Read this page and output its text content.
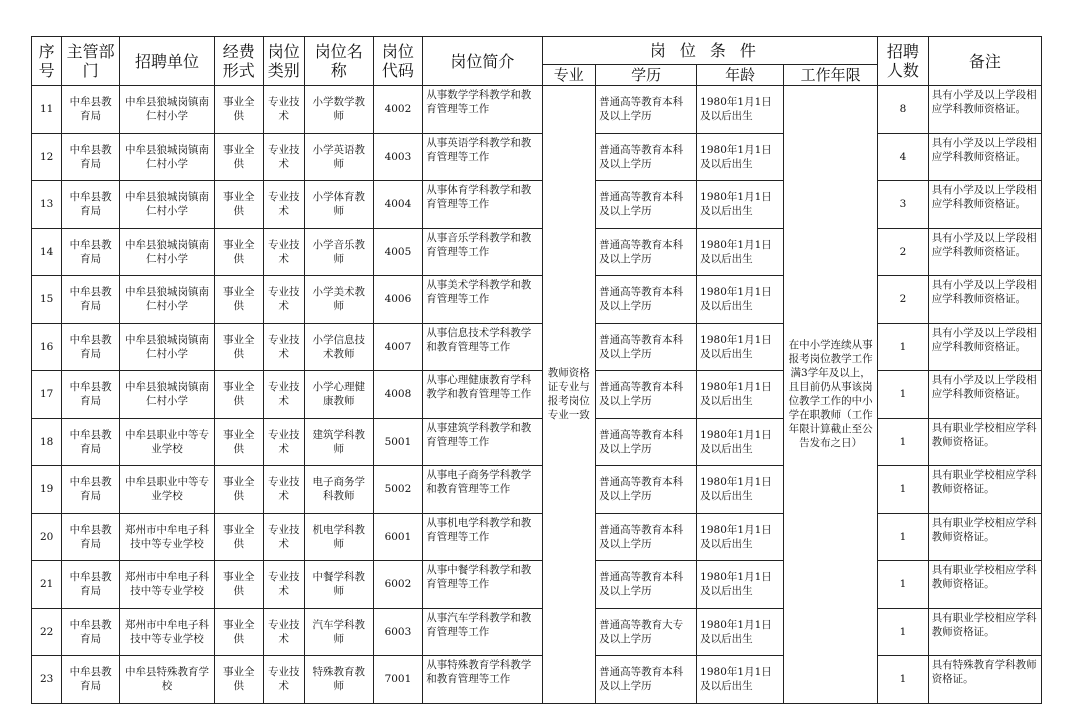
序号	主管部门	招聘单位	经费形式	岗位类别	岗位名称	岗位代码	岗位简介	岗位条件				招聘人数	备注
								专业	学历	年龄	工作年限		
11	中牟县教育局	中牟县狼城岗镇南仁村小学	事业全供	专业技术	小学数学教师	4002	从事数学学科教学和教育管理等工作	教师资格证专业与报考岗位专业一致	普通高等教育本科及以上学历	1980年1月1日及以后出生	在中小学连续从事报考岗位教学工作满3学年及以上，且目前仍从事该岗位教学工作的中小学在职教师（工作年限计算截止至公告发布之日）	8	具有小学及以上学段相应学科教师资格证。
12	中牟县教育局	中牟县狼城岗镇南仁村小学	事业全供	专业技术	小学英语教师	4003	从事英语学科教学和教育管理等工作		普通高等教育本科及以上学历	1980年1月1日及以后出生		4	具有小学及以上学段相应学科教师资格证。
13	中牟县教育局	中牟县狼城岗镇南仁村小学	事业全供	专业技术	小学体育教师	4004	从事体育学科教学和教育管理等工作		普通高等教育本科及以上学历	1980年1月1日及以后出生		3	具有小学及以上学段相应学科教师资格证。
14	中牟县教育局	中牟县狼城岗镇南仁村小学	事业全供	专业技术	小学音乐教师	4005	从事音乐学科教学和教育管理等工作		普通高等教育本科及以上学历	1980年1月1日及以后出生		2	具有小学及以上学段相应学科教师资格证。
15	中牟县教育局	中牟县狼城岗镇南仁村小学	事业全供	专业技术	小学美术教师	4006	从事美术学科教学和教育管理等工作		普通高等教育本科及以上学历	1980年1月1日及以后出生		2	具有小学及以上学段相应学科教师资格证。
16	中牟县教育局	中牟县狼城岗镇南仁村小学	事业全供	专业技术	小学信息技术教师	4007	从事信息技术学科教学和教育管理等工作		普通高等教育本科及以上学历	1980年1月1日及以后出生		1	具有小学及以上学段相应学科教师资格证。
17	中牟县教育局	中牟县狼城岗镇南仁村小学	事业全供	专业技术	小学心理健康教师	4008	从事心理健康教育学科教学和教育管理等工作		普通高等教育本科及以上学历	1980年1月1日及以后出生		1	具有小学及以上学段相应学科教师资格证。
18	中牟县教育局	中牟县职业中等专业学校	事业全供	专业技术	建筑学科教师	5001	从事建筑学科教学和教育管理等工作		普通高等教育本科及以上学历	1980年1月1日及以后出生		1	具有职业学校相应学科教师资格证。
19	中牟县教育局	中牟县职业中等专业学校	事业全供	专业技术	电子商务学科教师	5002	从事电子商务学科教学和教育管理等工作		普通高等教育本科及以上学历	1980年1月1日及以后出生		1	具有职业学校相应学科教师资格证。
20	中牟县教育局	郑州市中牟电子科技中等专业学校	事业全供	专业技术	机电学科教师	6001	从事机电学科教学和教育管理等工作		普通高等教育本科及以上学历	1980年1月1日及以后出生		1	具有职业学校相应学科教师资格证。
21	中牟县教育局	郑州市中牟电子科技中等专业学校	事业全供	专业技术	中餐学科教师	6002	从事中餐学科教学和教育管理等工作		普通高等教育本科及以上学历	1980年1月1日及以后出生		1	具有职业学校相应学科教师资格证。
22	中牟县教育局	郑州市中牟电子科技中等专业学校	事业全供	专业技术	汽车学科教师	6003	从事汽车学科教学和教育管理等工作		普通高等教育大专及以上学历	1980年1月1日及以后出生		1	具有职业学校相应学科教师资格证。
23	中牟县教育局	中牟县特殊教育学校	事业全供	专业技术	特殊教育教师	7001	从事特殊教育学科教学和教育管理等工作		普通高等教育本科及以上学历	1980年1月1日及以后出生		1	具有特殊教育学科教师资格证。
